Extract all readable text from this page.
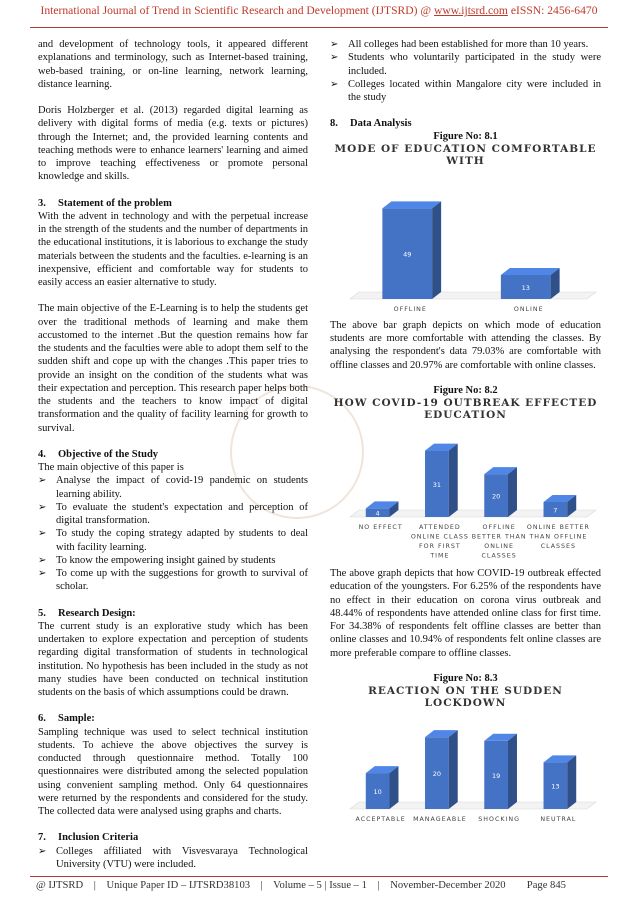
International Journal of Trend in Scientific Research and Development (IJTSRD) @ www.ijtsrd.com eISSN: 2456-6470

and development of technology tools, it appeared different explanations and terminology, such as Internet-based training, web-based training, or on-line learning, network learning, distance learning.

Doris Holzberger et al. (2013) regarded digital learning as delivery with digital forms of media (e.g. texts or pictures) through the Internet; and, the provided learning contents and teaching methods were to enhance learners' learning and aimed to improve teaching effectiveness or promote personal knowledge and skills.

3. Statement of the problem

With the advent in technology and with the perpetual increase in the strength of the students and the number of departments in the educational institutions, it is laborious to exchange the study materials between the students and the faculties. e-learning is an inexpensive, efficient and comfortable way for students to easily access an easier alternative to study.

The main objective of the E-Learning is to help the students get over the traditional methods of learning and make them accustomed to the internet .But the question remains how far the students and the faculties were able to adopt them self to the sudden shift and cope up with the changes .This paper tries to provide an insight on the condition of the students what was their expectation and perception. This research paper helps both the students and the teachers to know impact of digital transformation and the quality of facility learning for growth to survival.

4. Objective of the Study

The main objective of this paper is

➢ Analyse the impact of covid-19 pandemic on students learning ability.
➢ To evaluate the student's expectation and perception of digital transformation.
➢ To study the coping strategy adapted by students to deal with facility learning.
➢ To know the empowering insight gained by students
➢ To come up with the suggestions for growth to survival of scholar.

5. Research Design:

The current study is an explorative study which has been undertaken to explore expectation and perception of students regarding digital transformation of students in technological institution. No hypothesis has been included in the study as not many studies have been conducted on technical institution students on the basis of which assumptions could be drawn.

6. Sample:

Sampling technique was used to select technical institution students. To achieve the above objectives the survey is conducted through questionnaire method. Totally 100 questionnaires were distributed among the selected population using convenient sampling method. Only 64 questionnaires were returned by the respondents and considered for the study. The collected data were analysed using graphs and charts.

7. Inclusion Criteria

➢ Colleges affiliated with Visvesvaraya Technological University (VTU) were included.
➢ All colleges had been established for more than 10 years.
➢ Students who voluntarily participated in the study were included.
➢ Colleges located within Mangalore city were included in the study

8. Data Analysis

Figure No: 8.1

MODE OF EDUCATION COMFORTABLE WITH

49
OFFLINE
13
ONLINE

The above bar graph depicts on which mode of education students are more comfortable with attending the classes. By analysing the respondent's data 79.03% are comfortable with offline classes and 20.97% are comfortable with online classes.

Figure No: 8.2

HOW COVID-19 OUTBREAK EFFECTED EDUCATION

4
NO EFFECT
31
ATTENDED
ONLINE CLASS
FOR FIRST
TIME
20
OFFLINE
BETTER THAN
ONLINE
CLASSES
7
ONLINE BETTER
THAN OFFLINE
CLASSES

The above graph depicts that how COVID-19 outbreak effected education of the youngsters. For 6.25% of the respondents have no effect in their education on corona virus outbreak and 48.44% of respondents have attended online class for first time. For 34.38% of respondents felt offline classes are better than online classes and 10.94% of respondents felt online classes are more preferable compare to offline classes.

Figure No: 8.3

REACTION ON THE SUDDEN LOCKDOWN

10
ACCEPTABLE
20
MANAGEABLE
19
SHOCKING
13
NEUTRAL
@ IJTSRD | Unique Paper ID – IJTSRD38103 | Volume – 5 | Issue – 1 | November-December 2020 Page 845
